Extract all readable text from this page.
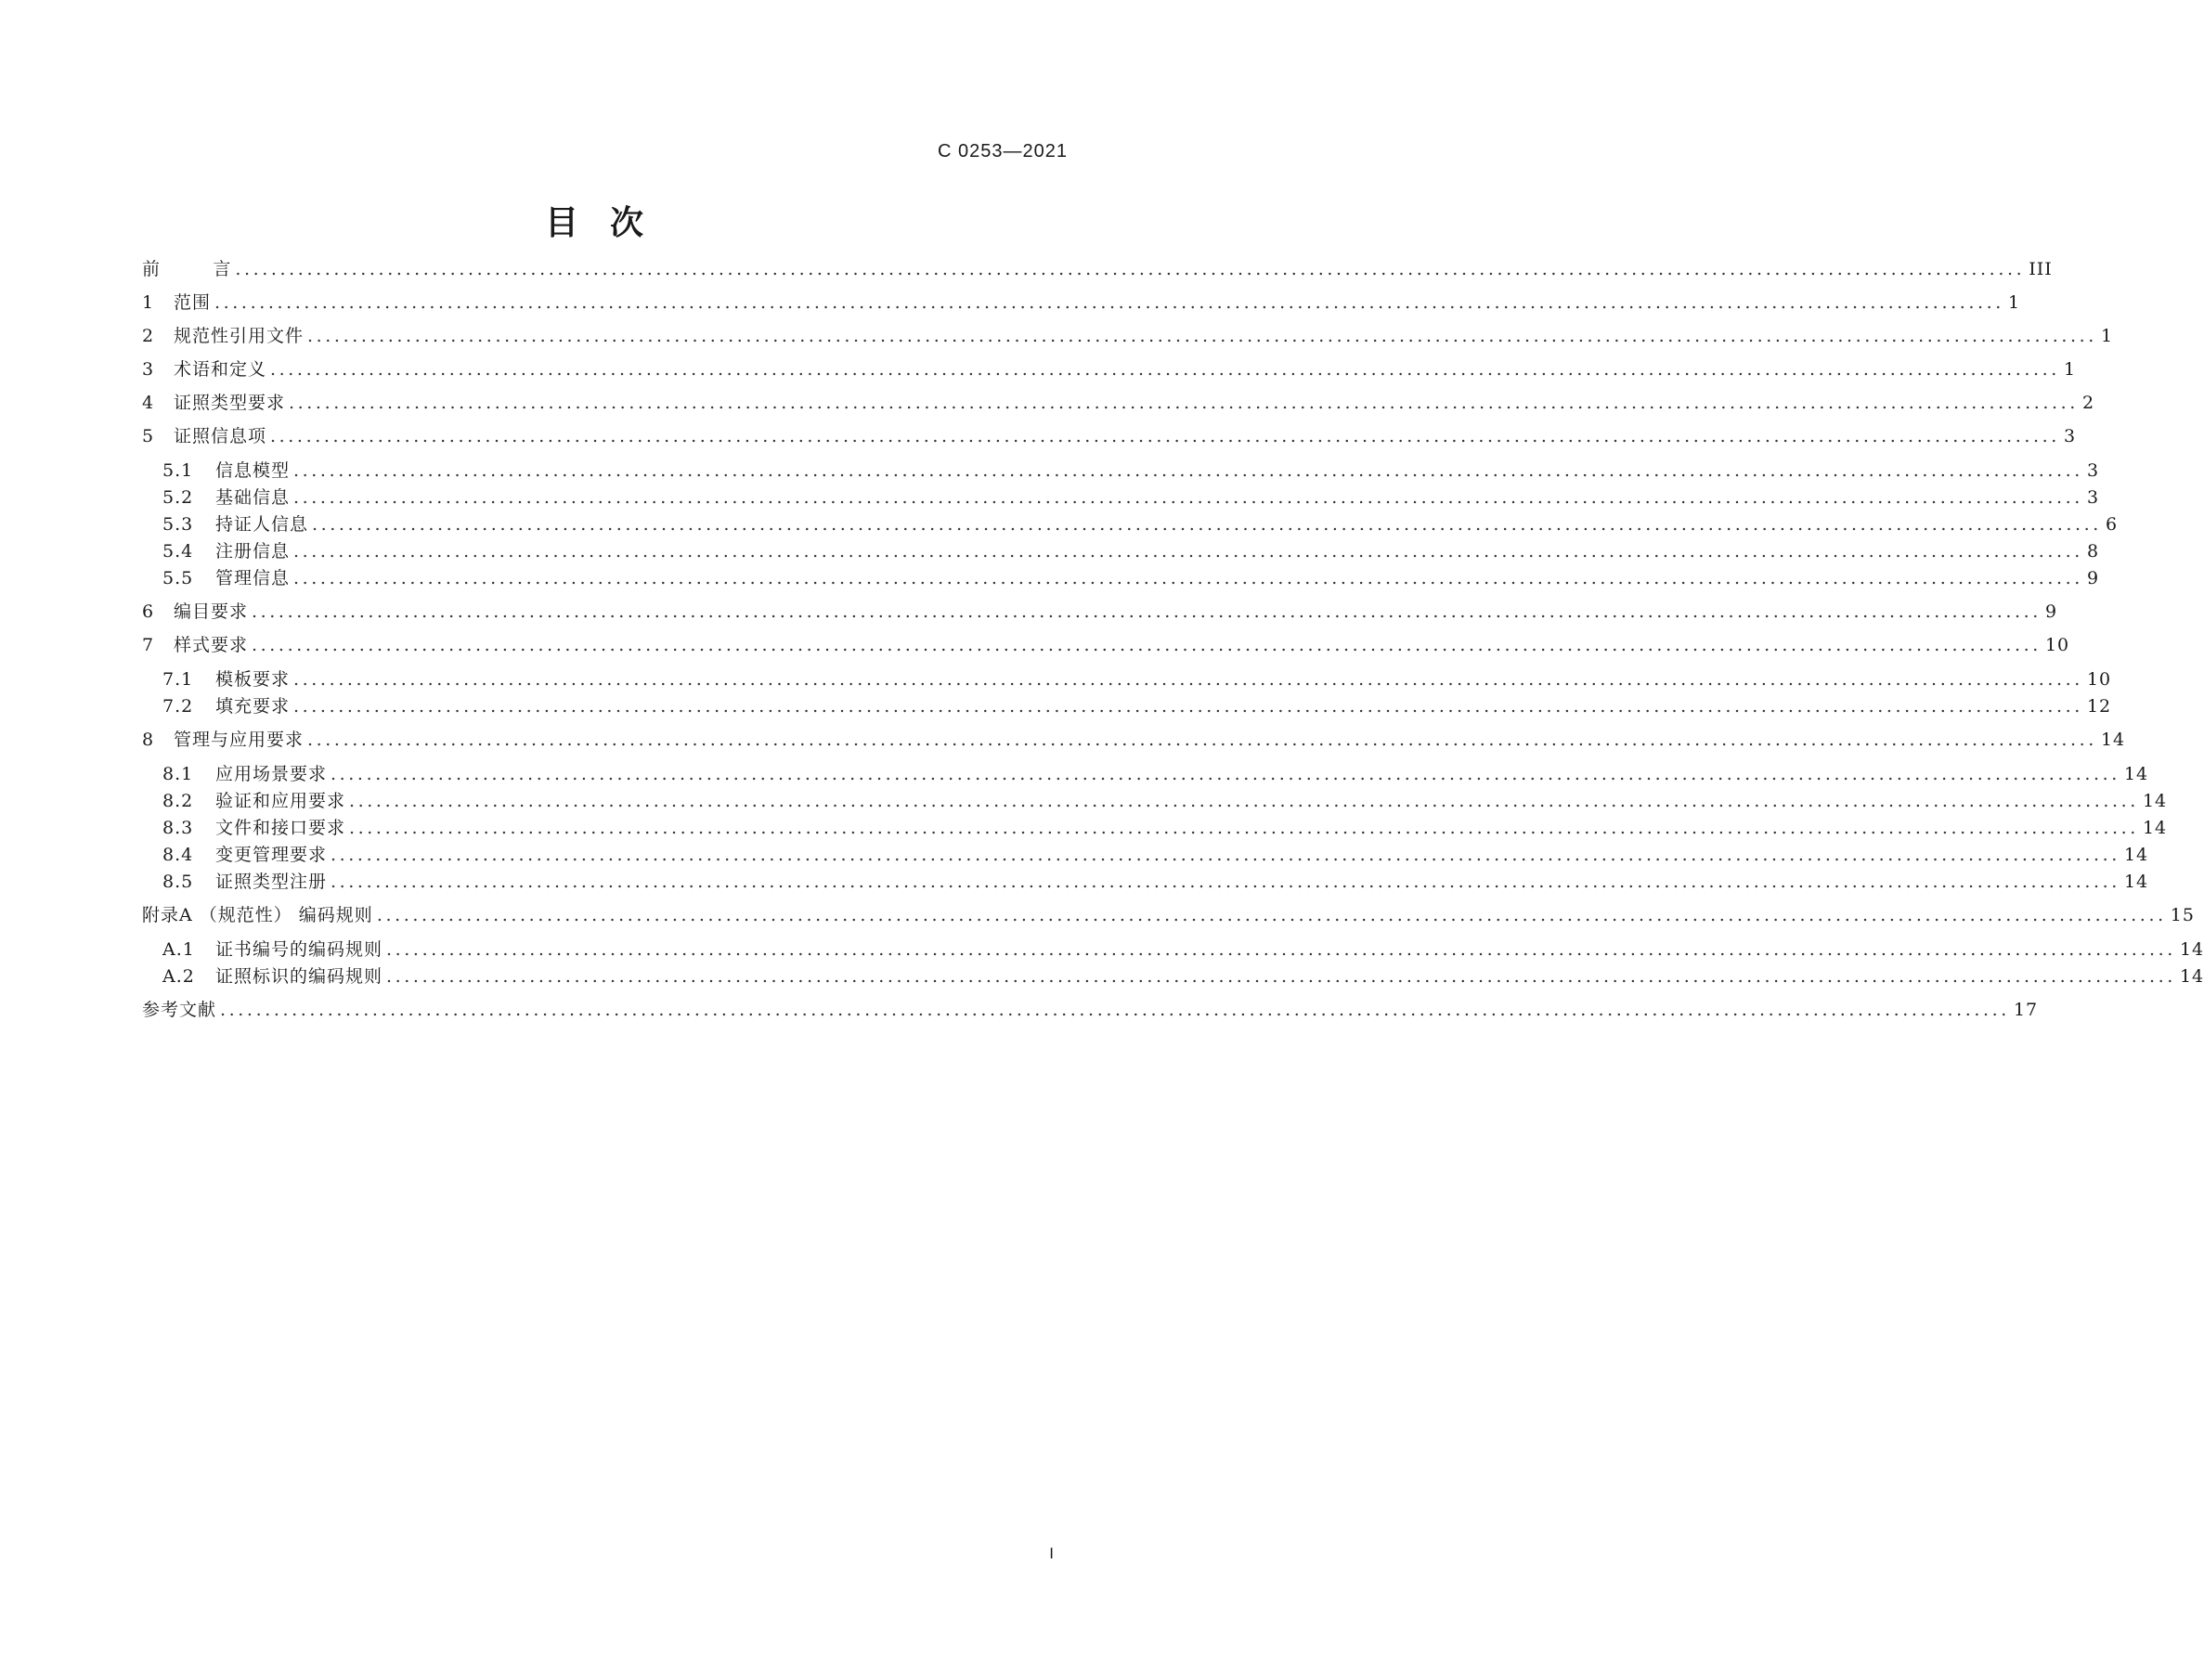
C 0253—2021
目次
前        言 ........................................................................................................................................................................................................ III
1	范围 ........................................................................................................................................................................................................ 1
2	规范性引用文件 ........................................................................................................................................................................................................ 1
3	术语和定义 ........................................................................................................................................................................................................ 1
4	证照类型要求 ........................................................................................................................................................................................................ 2
5	证照信息项 ........................................................................................................................................................................................................ 3
5.1	信息模型 ........................................................................................................................................................................................................ 3
5.2	基础信息 ........................................................................................................................................................................................................ 3
5.3	持证人信息 ........................................................................................................................................................................................................ 6
5.4	注册信息 ........................................................................................................................................................................................................ 8
5.5	管理信息 ........................................................................................................................................................................................................ 9
6	编目要求 ........................................................................................................................................................................................................ 9
7	样式要求 ........................................................................................................................................................................................................ 10
7.1	模板要求 ........................................................................................................................................................................................................ 10
7.2	填充要求 ........................................................................................................................................................................................................ 12
8	管理与应用要求 ........................................................................................................................................................................................................ 14
8.1	应用场景要求 ........................................................................................................................................................................................................ 14
8.2	验证和应用要求 ........................................................................................................................................................................................................ 14
8.3	文件和接口要求 ........................................................................................................................................................................................................ 14
8.4	变更管理要求 ........................................................................................................................................................................................................ 14
8.5	证照类型注册 ........................................................................................................................................................................................................ 14
附录A （规范性） 编码规则 ........................................................................................................................................................................................................ 15
A.1	证书编号的编码规则 ........................................................................................................................................................................................................ 14
A.2	证照标识的编码规则 ........................................................................................................................................................................................................ 14
参考文献 ........................................................................................................................................................................................................ 17
I
